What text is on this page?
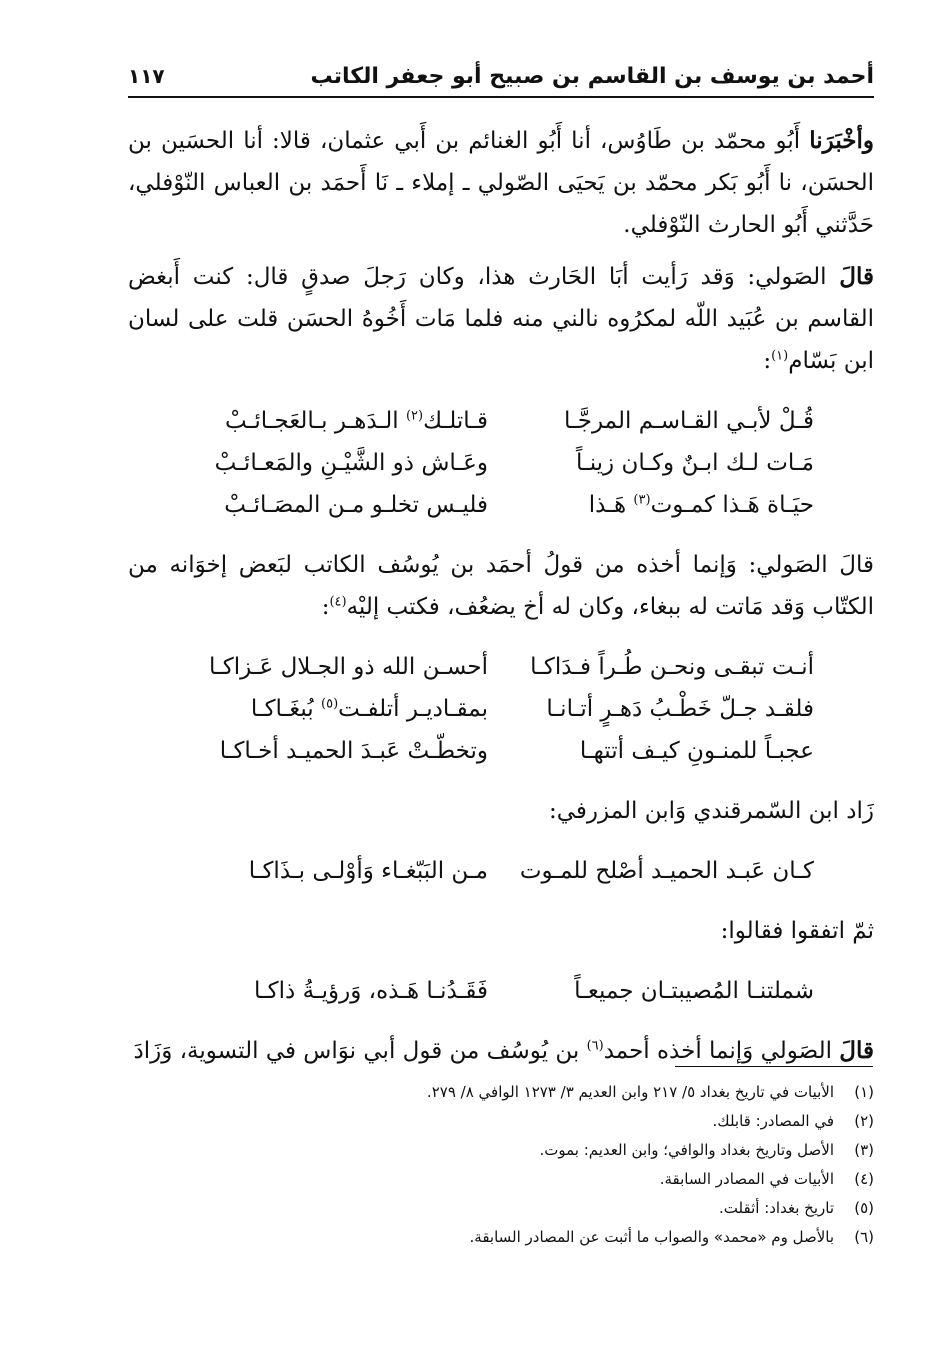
أحمد بن يوسف بن القاسم بن صبيح أبو جعفر الكاتب
١١٧

وأخْبَرَنا أَبُو محمّد بن طَاوُس، أنا أَبُو الغنائم بن أَبي عثمان، قالا: أنا الحسَين بن الحسَن، نا أَبُو بَكر محمّد بن يَحيَى الصّولي ـ إملاء ـ نَا أَحمَد بن العباس النّوْفلي، حَدَّثني أَبُو الحارث النّوْفلي.

قالَ الصَولي: وَقد رَأيت أبَا الحَارث هذا، وكان رَجلَ صدقٍ قال: كنت أَبغض القاسم بن عُبَيد اللّه لمكرُوه نالني منه فلما مَات أَخُوهُ الحسَن قلت على لسان ابن بَسّام$^{(١)}$:

قُـلْ لأبـي القـاسـم المرجَّـا
قـاتلـك$^{(٢)}$ الـدَهـر بـالعَجـائـبْ
مَـات لـك ابـنٌ وكـان زينـاً
وعَـاش ذو الشَّيْـنِ والمَعـائـبْ
حيَـاة هَـذا كمـوت$^{(٣)}$ هَـذا
فليـس تخلـو مـن المصَـائـبْ

قالَ الصَولي: وَإنما أخذه من قولُ أحمَد بن يُوسُف الكاتب لبَعض إخوَانه من الكتّاب وَقد مَاتت له ببغاء، وكان له أخ يضعُف، فكتب إليْه$^{(٤)}$:

أنـت تبقـى ونحـن طُـراً فـدَاكـا
أحسـن الله ذو الجـلال عَـزاكـا
فلقـد جـلّ خَطْـبُ دَهـرٍ أتـانـا
بمقـاديـر أتلفـت$^{(٥)}$ بُبغَـاكـا
عجبـاً للمنـونِ كيـف أتتهـا
وتخطّـتْ عَبـدَ الحميـد أخـاكـا
زَاد ابن السّمرقندي وَابن المزرفي:
كـان عَبـد الحميـد أصْلح للمـوت
مـن البَبّغـاء وَأوْلـى بـذَاكـا
ثمّ اتفقوا فقالوا:
شملتنـا المُصيبتـان جميعـاً
فَقَـدُنـا هَـذه، وَرؤيـةُ ذاكـا

قالَ الصَولي وَإنما أخذه أحمد$^{(٦)}$ بن يُوسُف من قول أبي نوَاس في التسوية، وَزَادَ

(١)
الأبيات في تاريخ بغداد ٥/ ٢١٧ وابن العديم ٣/ ١٢٧٣ الوافي ٨/ ٢٧٩.
(٢)
في المصادر: قابلك.
(٣)
الأصل وتاريخ بغداد والوافي؛ وابن العديم: بموت.
(٤)
الأبيات في المصادر السابقة.
(٥)
تاريخ بغداد: أثقلت.
(٦)
بالأصل وم «محمد» والصواب ما أثبت عن المصادر السابقة.
